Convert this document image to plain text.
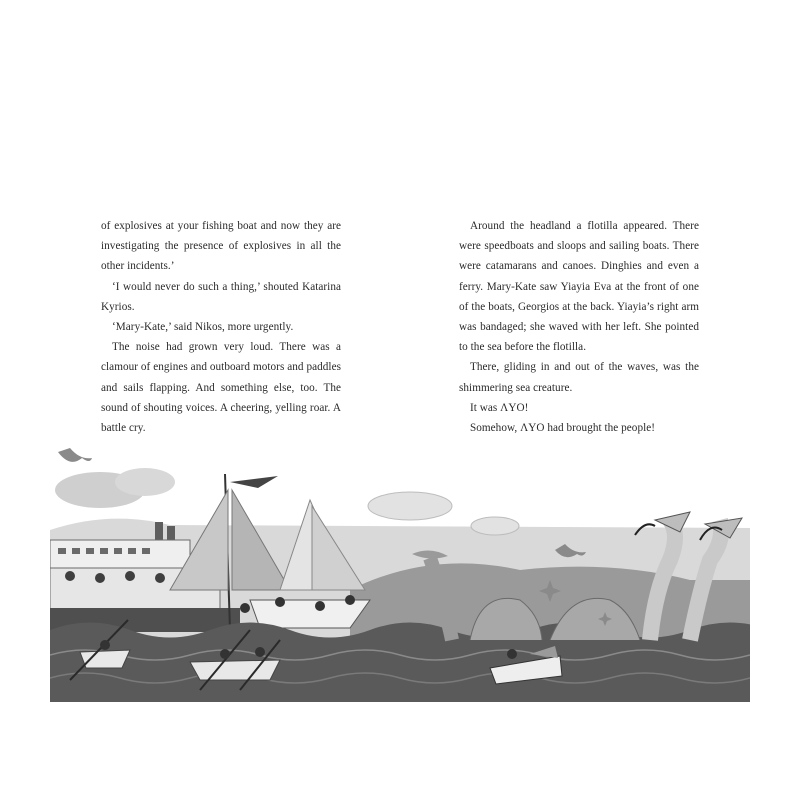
of explosives at your fishing boat and now they are investigating the presence of explosives in all the other incidents.’

‘I would never do such a thing,’ shouted Katarina Kyrios.

‘Mary-Kate,’ said Nikos, more urgently.

The noise had grown very loud. There was a clamour of engines and outboard motors and paddles and sails flapping. And something else, too. The sound of shouting voices. A cheering, yelling roar. A battle cry.

Around the headland a flotilla appeared. There were speedboats and sloops and sailing boats. There were catamarans and canoes. Dinghies and even a ferry. Mary-Kate saw Yiayia Eva at the front of one of the boats, Georgios at the back. Yiayia’s right arm was bandaged; she waved with her left. She pointed to the sea before the flotilla.

There, gliding in and out of the waves, was the shimmering sea creature.

It was ΛYO!

Somehow, ΛYO had brought the people!
